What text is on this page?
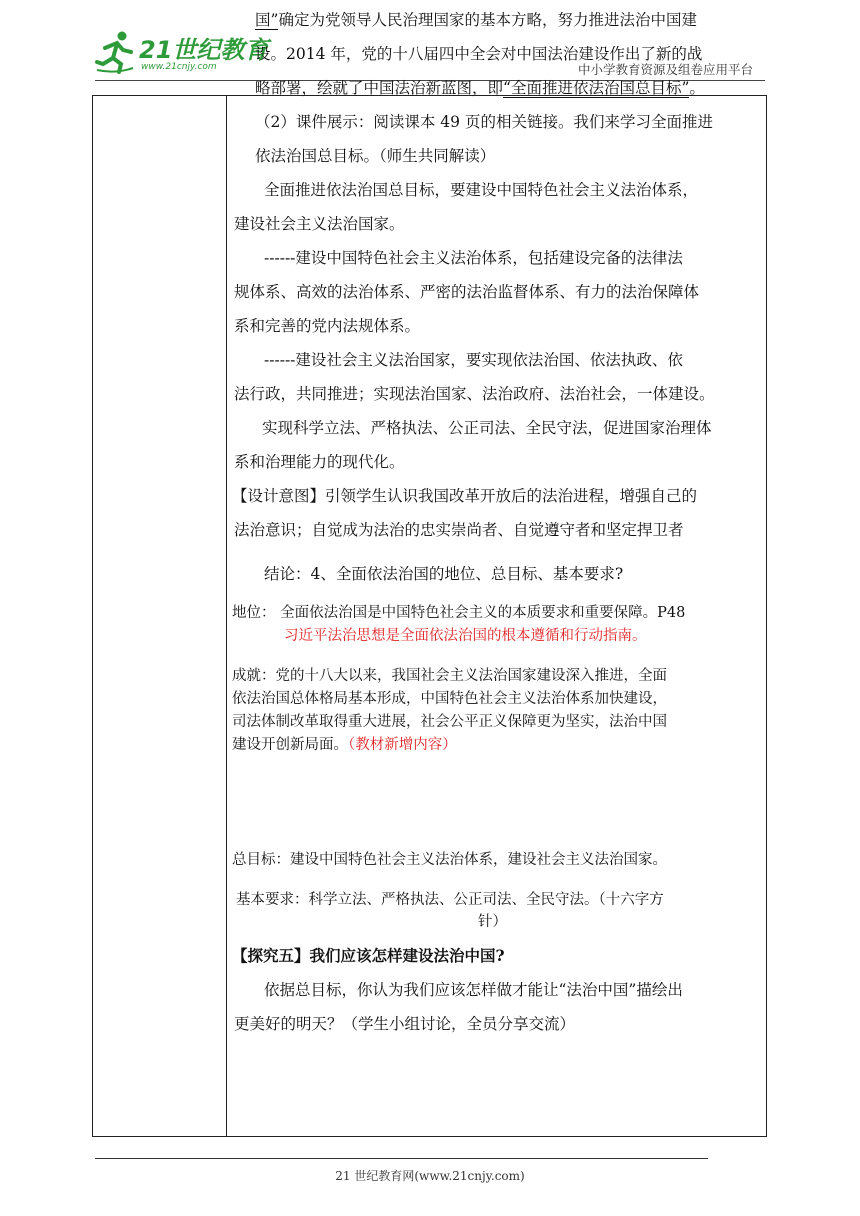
21世纪教育
www.21cnjy.com	中小学教育资源及组卷应用平台
国”确定为党领导人民治理国家的基本方略，努力推进法治中国建
设。2014 年，党的十八届四中全会对中国法治建设作出了新的战
略部署，绘就了中国法治新蓝图，即“全面推进依法治国总目标”。
（2）课件展示：阅读课本 49 页的相关链接。我们来学习全面推进
依法治国总目标。（师生共同解读）
全面推进依法治国总目标，要建设中国特色社会主义法治体系，
建设社会主义法治国家。
------建设中国特色社会主义法治体系，包括建设完备的法律法
规体系、高效的法治体系、严密的法治监督体系、有力的法治保障体
系和完善的党内法规体系。
------建设社会主义法治国家，要实现依法治国、依法执政、依
法行政，共同推进；实现法治国家、法治政府、法治社会，一体建设。
实现科学立法、严格执法、公正司法、全民守法，促进国家治理体
系和治理能力的现代化。
【设计意图】引领学生认识我国改革开放后的法治进程，增强自己的
法治意识；自觉成为法治的忠实崇尚者、自觉遵守者和坚定捍卫者
结论：4、全面依法治国的地位、总目标、基本要求?
地位： 全面依法治国是中国特色社会主义的本质要求和重要保障。P48
习近平法治思想是全面依法治国的根本遵循和行动指南。
成就：党的十八大以来，我国社会主义法治国家建设深入推进，全面
依法治国总体格局基本形成，中国特色社会主义法治体系加快建设，
司法体制改革取得重大进展，社会公平正义保障更为坚实，法治中国
建设开创新局面。（教材新增内容）
总目标：建设中国特色社会主义法治体系，建设社会主义法治国家。
基本要求：科学立法、严格执法、公正司法、全民守法。（十六字方
针）
【探究五】我们应该怎样建设法治中国?
依据总目标，你认为我们应该怎样做才能让“法治中国”描绘出
更美好的明天？（学生小组讨论，全员分享交流）
21 世纪教育网(www.21cnjy.com)
